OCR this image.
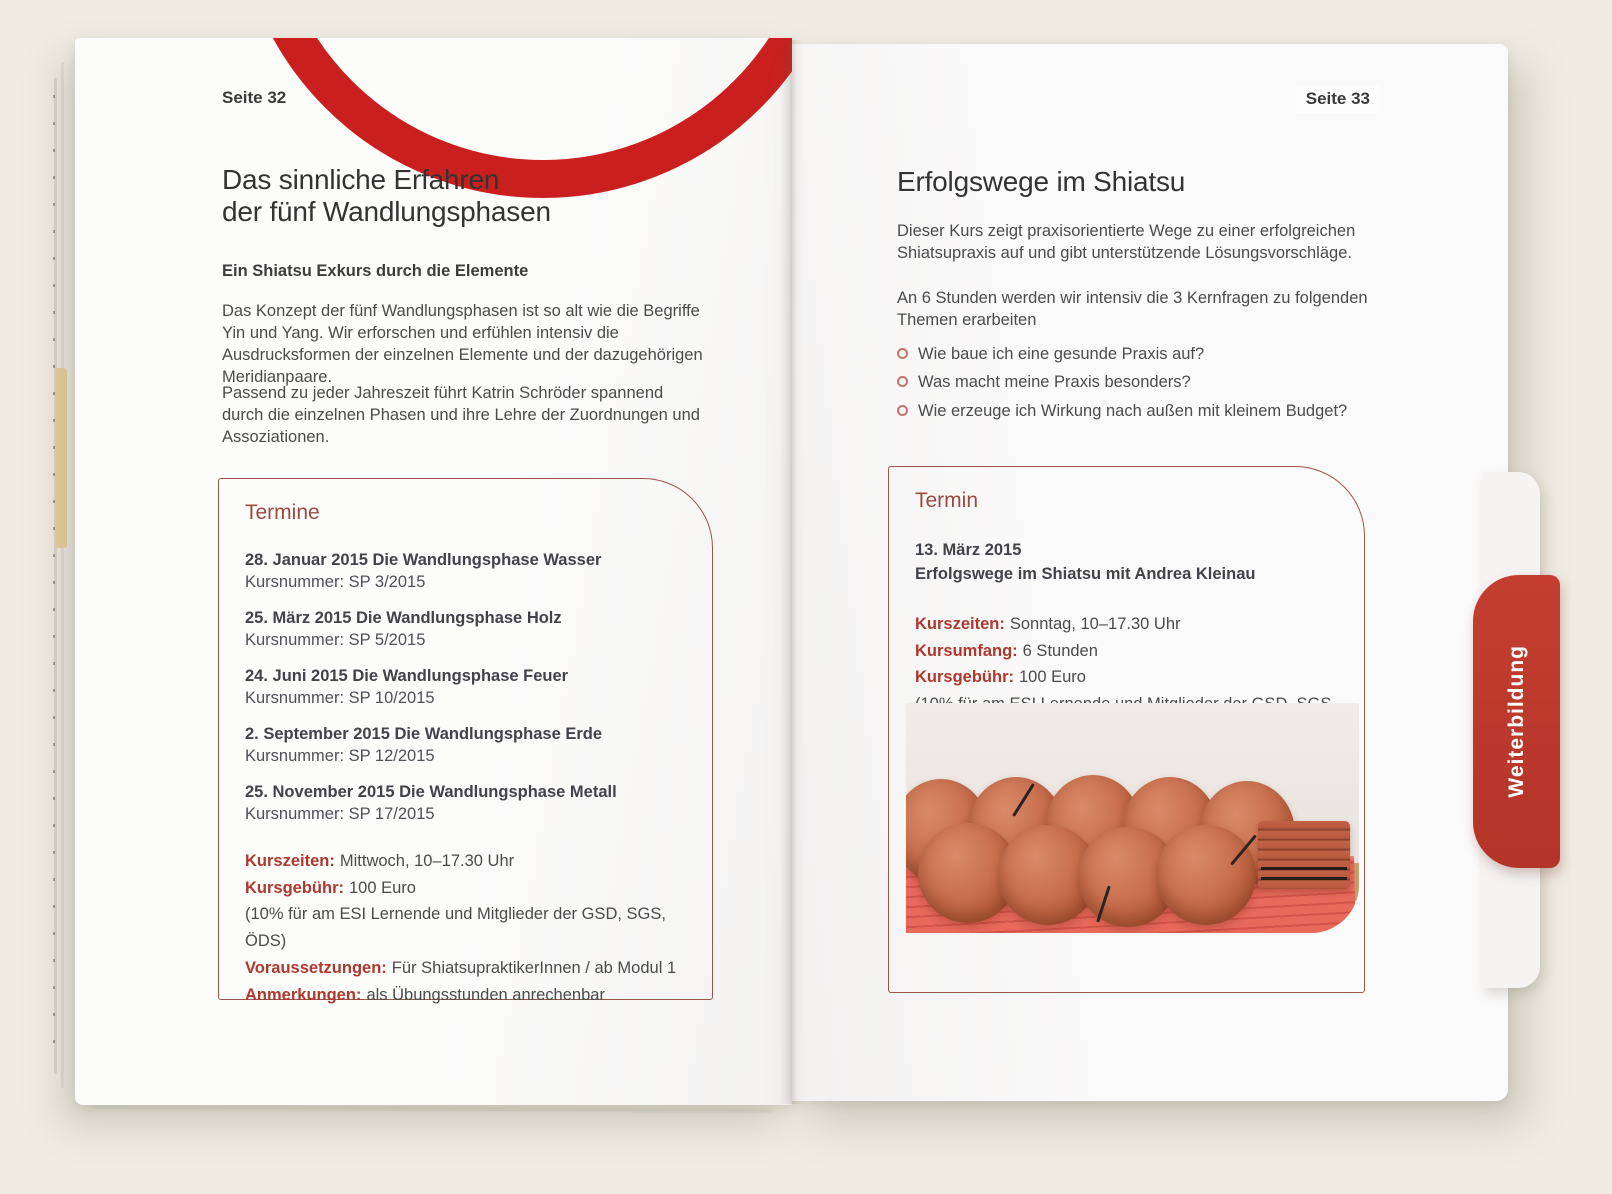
Seite 32
Das sinnliche Erfahren
der fünf Wandlungsphasen
Ein Shiatsu Exkurs durch die Elemente
Das Konzept der fünf Wandlungsphasen ist so alt wie die Begriffe Yin und Yang. Wir erforschen und erfühlen intensiv die Ausdrucksformen der einzelnen Elemente und der dazugehörigen Meridianpaare.
Passend zu jeder Jahreszeit führt Katrin Schröder spannend durch die einzelnen Phasen und ihre Lehre der Zuordnungen und Assoziationen.
Termine
28. Januar 2015 Die Wandlungsphase Wasser
Kursnummer: SP 3/2015
25. März 2015 Die Wandlungsphase Holz
Kursnummer: SP 5/2015
24. Juni 2015 Die Wandlungsphase Feuer
Kursnummer: SP 10/2015
2. September 2015 Die Wandlungsphase Erde
Kursnummer: SP 12/2015
25. November 2015 Die Wandlungsphase Metall
Kursnummer: SP 17/2015
Kurszeiten: Mittwoch, 10–17.30 Uhr
Kursgebühr: 100 Euro
(10% für am ESI Lernende und Mitglieder der GSD, SGS, ÖDS)
Voraussetzungen: Für ShiatsupraktikerInnen / ab Modul 1
Anmerkungen: als Übungsstunden anrechenbar
Seite 33
Erfolgswege im Shiatsu
Dieser Kurs zeigt praxisorientierte Wege zu einer erfolgreichen Shiatsupraxis auf und gibt unterstützende Lösungsvorschläge.
An 6 Stunden werden wir intensiv die 3 Kernfragen zu folgenden Themen erarbeiten
Wie baue ich eine gesunde Praxis auf?
Was macht meine Praxis besonders?
Wie erzeuge ich Wirkung nach außen mit kleinem Budget?
Termin
13. März 2015
Erfolgswege im Shiatsu mit Andrea Kleinau
Kurszeiten: Sonntag, 10–17.30 Uhr
Kursumfang: 6 Stunden
Kursgebühr: 100 Euro	Weiterbildung
